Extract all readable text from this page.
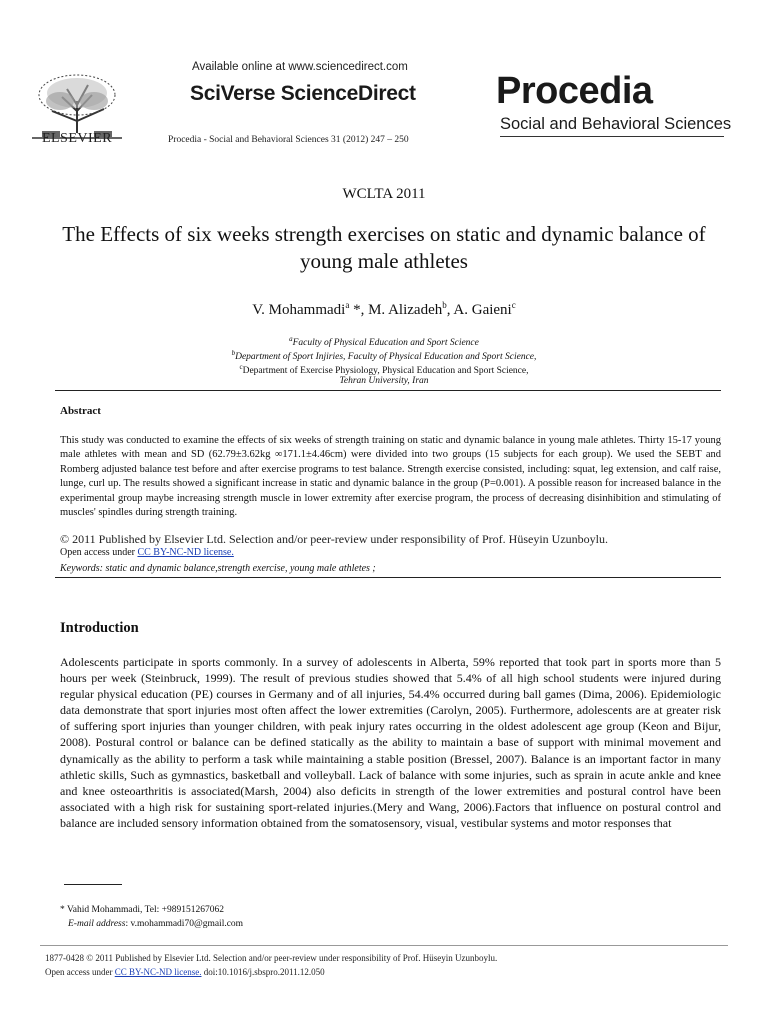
ELSEVIER
Available online at www.sciencedirect.com
SciVerse ScienceDirect
Procedia - Social and Behavioral Sciences 31 (2012) 247 – 250
Procedia
Social and Behavioral Sciences
WCLTA 2011
The Effects of six weeks strength exercises on static and dynamic balance of young male athletes
V. Mohammadi$^a$ *, M. Alizadeh$^b$, A. Gaieni$^c$
$^a$Faculty of Physical Education and Sport Science
$^b$Department of Sport Injiries, Faculty of Physical Education and Sport Science,
$^c$Department of Exercise Physiology, Physical Education and Sport Science,
Tehran University, Iran
Abstract
This study was conducted to examine the effects of six weeks of strength training on static and dynamic balance in young male athletes. Thirty 15-17 young male athletes with mean and SD (62.79±3.62kg ∞171.1±4.46cm) were divided into two groups (15 subjects for each group). We used the SEBT and Romberg adjusted balance test before and after exercise programs to test balance. Strength exercise consisted, including: squat, leg extension, and calf raise, lunge, curl up. The results showed a significant increase in static and dynamic balance in the group (P=0.001). A possible reason for increased balance in the experimental group maybe increasing strength muscle in lower extremity after exercise program, the process of decreasing disinhibition and stimulating of muscles' spindles during strength training.
© 2011 Published by Elsevier Ltd. Selection and/or peer-review under responsibility of Prof. Hüseyin Uzunboylu.
Open access under CC BY-NC-ND license.
Keywords: static and dynamic balance,strength exercise, young male athletes ;
Introduction
Adolescents participate in sports commonly. In a survey of adolescents in Alberta, 59% reported that took part in sports more than 5 hours per week (Steinbruck, 1999). The result of previous studies showed that 5.4% of all high school students were injured during regular physical education (PE) courses in Germany and of all injuries, 54.4% occurred during ball games (Dima, 2006). Epidemiologic data demonstrate that sport injuries most often affect the lower extremities (Carolyn, 2005). Furthermore, adolescents are at greater risk of suffering sport injuries than younger children, with peak injury rates occurring in the oldest adolescent age group (Keon and Bijur, 2008). Postural control or balance can be defined statically as the ability to maintain a base of support with minimal movement and dynamically as the ability to perform a task while maintaining a stable position (Bressel, 2007). Balance is an important factor in many athletic skills, Such as gymnastics, basketball and volleyball. Lack of balance with some injuries, such as sprain in acute ankle and knee and knee osteoarthritis is associated(Marsh, 2004) also deficits in strength of the lower extremities and postural control have been associated with a high risk for sustaining sport-related injuries.(Mery and Wang, 2006).Factors that influence on postural control and balance are included sensory information obtained from the somatosensory, visual, vestibular systems and motor responses that
* Vahid Mohammadi, Tel: +989151267062
E-mail address: v.mohammadi70@gmail.com
1877-0428 © 2011 Published by Elsevier Ltd. Selection and/or peer-review under responsibility of Prof. Hüseyin Uzunboylu.
Open access under CC BY-NC-ND license. doi:10.1016/j.sbspro.2011.12.050
